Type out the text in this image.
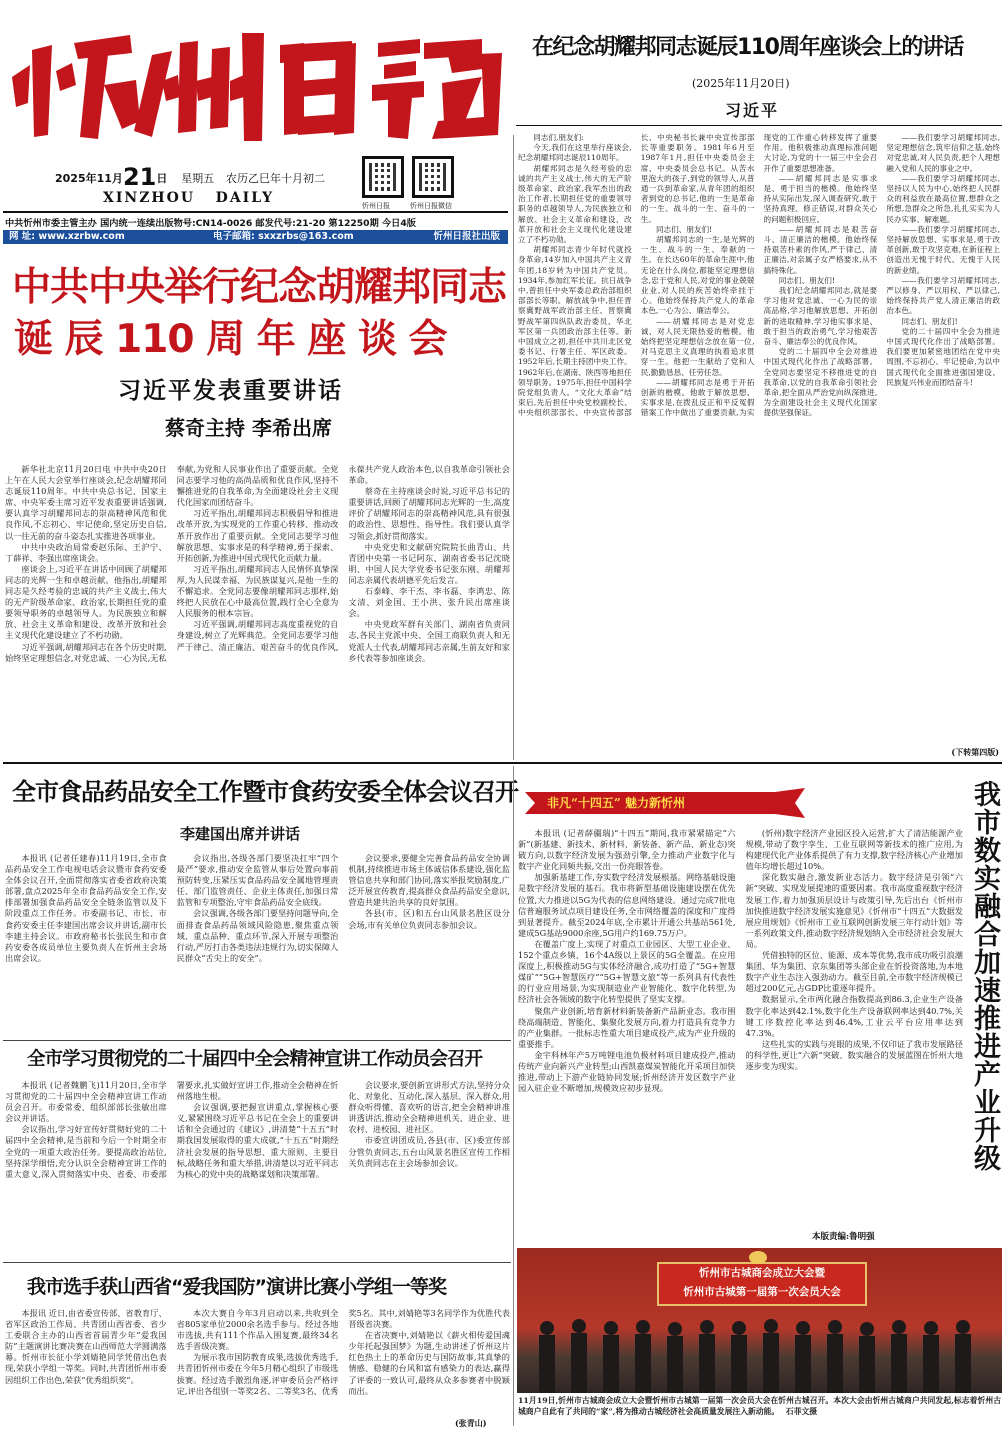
2025年11月21日 星期五 农历乙巳年十月初二
XINZHOU   DAILY	忻州日报	忻州日报微信
中共忻州市委主管主办 国内统一连续出版物号:CN14-0026 邮发代号:21-20 第12250期 今日4版
网 址: www.xzrbw.com	电子邮箱: sxxzrbs@163.com	忻州日报社出版
中共中央举行纪念胡耀邦同志
诞 辰 110 周 年 座 谈 会
习近平发表重要讲话
蔡奇主持 李希出席

新华社北京11月20日电 中共中央20日上午在人民大会堂举行座谈会,纪念胡耀邦同志诞辰110周年。中共中央总书记、国家主席、中央军委主席习近平发表重要讲话强调,要认真学习胡耀邦同志的崇高精神风范和优良作风,不忘初心、牢记使命,坚定历史自信,以一往无前的奋斗姿态扎实推进各项事业。

中共中央政治局常委赵乐际、王沪宁、丁薛祥、李强出席座谈会。

座谈会上,习近平在讲话中回顾了胡耀邦同志的光辉一生和卓越贡献。他指出,胡耀邦同志是久经考验的忠诚的共产主义战士,伟大的无产阶级革命家、政治家,长期担任党的重要领导职务的卓越领导人。为民族独立和解放、社会主义革命和建设、改革开放和社会主义现代化建设建立了不朽功勋。

习近平强调,胡耀邦同志在各个历史时期,始终坚定理想信念,对党忠诚、一心为民,无私奉献,为党和人民事业作出了重要贡献。全党同志要学习他的高尚品质和优良作风,坚持不懈推进党的自我革命,为全面建设社会主义现代化国家而团结奋斗。

习近平指出,胡耀邦同志积极倡导和推进改革开放,为实现党的工作重心转移、推动改革开放作出了重要贡献。全党同志要学习他解放思想、实事求是的科学精神,勇于探索、开拓创新,为推进中国式现代化贡献力量。

习近平指出,胡耀邦同志人民情怀真挚深厚,为人民谋幸福、为民族谋复兴,是他一生的不懈追求。全党同志要像胡耀邦同志那样,始终把人民放在心中最高位置,践行全心全意为人民服务的根本宗旨。

习近平强调,胡耀邦同志高度重视党的自身建设,树立了光辉典范。全党同志要学习他严于律己、清正廉洁、艰苦奋斗的优良作风,永葆共产党人政治本色,以自我革命引领社会革命。

蔡奇在主持座谈会时说,习近平总书记的重要讲话,回顾了胡耀邦同志光辉的一生,高度评价了胡耀邦同志的崇高精神风范,具有很强的政治性、思想性、指导性。我们要认真学习领会,抓好贯彻落实。

中央党史和文献研究院院长曲青山、共青团中央第一书记阿东、湖南省委书记沈晓明、中国人民大学党委书记张东刚、胡耀邦同志亲属代表胡德平先后发言。

石泰峰、李干杰、李书磊、李鸿忠、陈文清、刘金国、王小洪、张升民出席座谈会。

中央党政军群有关部门、湖南省负责同志,各民主党派中央、全国工商联负责人和无党派人士代表,胡耀邦同志亲属,生前友好和家乡代表等参加座谈会。

在纪念胡耀邦同志诞辰110周年座谈会上的讲话
(2025年11月20日)
习近平

同志们,朋友们:

今天,我们在这里举行座谈会,纪念胡耀邦同志诞辰110周年。

胡耀邦同志是久经考验的忠诚的共产主义战士,伟大的无产阶级革命家、政治家,我军杰出的政治工作者,长期担任党的重要领导职务的卓越领导人,为民族独立和解放、社会主义革命和建设、改革开放和社会主义现代化建设建立了不朽功勋。

胡耀邦同志青少年时代就投身革命,14岁加入中国共产主义青年团,18岁转为中国共产党员。1934年,参加红军长征。抗日战争中,曾担任中央军委总政治部组织部部长等职。解放战争中,担任晋察冀野战军政治部主任、晋察冀野战军第四纵队政治委员、华北军区第一兵团政治部主任等。新中国成立之初,担任中共川北区党委书记、行署主任、军区政委。1952年后,长期主持团中央工作。1962年后,在湖南、陕西等地担任领导职务。1975年,担任中国科学院党组负责人。“文化大革命”结束后,先后担任中央党校副校长、中央组织部部长、中央宣传部部长、中央秘书长兼中央宣传部部长等重要职务。1981年6月至1987年1月,担任中央委员会主席、中央委员会总书记。从苦水里泡大的孩子,到党的领导人,从普通一兵到革命家,从青年团的组织者到党的总书记,他的一生是革命的一生、战斗的一生、奋斗的一生。

同志们、朋友们!

胡耀邦同志的一生,是光辉的一生、战斗的一生、奉献的一生。在长达60年的革命生涯中,他无论在什么岗位,都能坚定理想信念,忠于党和人民,对党的事业兢兢业业,对人民的疾苦始终牵挂于心。他始终保持共产党人的革命本色,一心为公、廉洁奉公。

——胡耀邦同志是对党忠诚、对人民无限热爱的楷模。他始终把坚定理想信念放在第一位,对马克思主义真理的执着追求贯穿一生。他把一生献给了党和人民,勤勤恳恳、任劳任怨。

——胡耀邦同志是勇于开拓创新的楷模。他敢于解放思想、实事求是,在拨乱反正和平反冤假错案工作中做出了重要贡献,为实现党的工作重心转移发挥了重要作用。他积极推动真理标准问题大讨论,为党的十一届三中全会召开作了重要思想准备。

——胡耀邦同志是实事求是、勇于担当的楷模。他始终坚持从实际出发,深入调查研究,敢于坚持真理、修正错误,对群众关心的问题积极回应。

——胡耀邦同志是艰苦奋斗、清正廉洁的楷模。他始终保持艰苦朴素的作风,严于律己、清正廉洁,对亲属子女严格要求,从不搞特殊化。

同志们、朋友们!

我们纪念胡耀邦同志,就是要学习他对党忠诚、一心为民的崇高品格,学习他解放思想、开拓创新的进取精神,学习他实事求是、敢于担当的政治勇气,学习他艰苦奋斗、廉洁奉公的优良作风。

党的二十届四中全会对推进中国式现代化作出了战略部署。全党同志要坚定不移推进党的自我革命,以党的自我革命引领社会革命,把全面从严治党向纵深推进,为全面建设社会主义现代化国家提供坚强保证。

——我们要学习胡耀邦同志,坚定理想信念,筑牢信仰之基,始终对党忠诚,对人民负责,把个人理想融入党和人民的事业之中。

——我们要学习胡耀邦同志,坚持以人民为中心,始终把人民群众的利益放在最高位置,想群众之所想,急群众之所急,扎扎实实为人民办实事、解难题。

——我们要学习胡耀邦同志,坚持解放思想、实事求是,勇于改革创新,敢于攻坚克难,在新征程上创造出无愧于时代、无愧于人民的新业绩。

——我们要学习胡耀邦同志,严以修身、严以用权、严以律己,始终保持共产党人清正廉洁的政治本色。

同志们、朋友们!

党的二十届四中全会为推进中国式现代化作出了战略部署。我们要更加紧密地团结在党中央周围,不忘初心、牢记使命,为以中国式现代化全面推进强国建设、民族复兴伟业而团结奋斗!

(下转第四版)
全市食品药品安全工作暨市食药安委全体会议召开
李建国出席并讲话

本报讯 (记者任建春)11月19日,全市食品药品安全工作电视电话会议暨市食药安委全体会议召开,全面贯彻落实省委省政府决策部署,盘点2025年全市食品药品安全工作,安排部署加强食品药品安全全链条监管以及下阶段重点工作任务。市委副书记、市长、市食药安委主任李建国出席会议并讲话,副市长李建主持会议。市政府秘书长张民生和市食药安委各成员单位主要负责人在忻州主会场出席会议。

会议指出,各级各部门要坚决扛牢“四个最严”要求,推动安全监管从事后处置向事前预防转变,压紧压实食品药品安全属地管理责任、部门监管责任、企业主体责任,加强日常监管和专项整治,守牢食品药品安全底线。

会议强调,各级各部门要坚持问题导向,全面排查食品药品领域风险隐患,聚焦重点领域、重点品种、重点环节,深入开展专项整治行动,严厉打击各类违法违规行为,切实保障人民群众“舌尖上的安全”。

会议要求,要健全完善食品药品安全协调机制,持续推进市场主体诚信体系建设,强化监管信息共享和部门协同,落实举报奖励制度,广泛开展宣传教育,提高群众食品药品安全意识,营造共建共治共享的良好氛围。

各县(市、区)和五台山风景名胜区设分会场,市有关单位负责同志参加会议。

全市学习贯彻党的二十届四中全会精神宣讲工作动员会召开

本报讯 (记者魏鹏飞)11月20日,全市学习贯彻党的二十届四中全会精神宣讲工作动员会召开。市委常委、组织部部长张敏出席会议并讲话。

会议指出,学习好宣传好贯彻好党的二十届四中全会精神,是当前和今后一个时期全市全党的一项重大政治任务。要提高政治站位,坚持深学细悟,充分认识全会精神宣讲工作的重大意义,深入贯彻落实中央、省委、市委部署要求,扎实做好宣讲工作,推动全会精神在忻州落地生根。

会议强调,要把握宣讲重点,掌握核心要义,紧紧围绕习近平总书记在全会上的重要讲话和全会通过的《建议》,讲清楚“十五五”时期我国发展取得的重大成就,“十五五”时期经济社会发展的指导思想、重大原则、主要目标,战略任务和重大举措,讲清楚以习近平同志为核心的党中央的战略谋划和决策部署。

会议要求,要创新宣讲形式方法,坚持分众化、对象化、互动化,深入基层、深入群众,用群众听得懂、喜欢听的语言,把全会精神讲准讲透讲活,推动全会精神进机关、进企业、进农村、进校园、进社区。

市委宣讲团成员,各县(市、区)委宣传部分管负责同志,五台山风景名胜区宣传工作相关负责同志在主会场参加会议。

我市选手获山西省“爱我国防”演讲比赛小学组一等奖

本报讯 近日,由省委宣传部、省教育厅、省军区政治工作局、共青团山西省委、省少工委联合主办的山西省首届青少年“爱我国防”主题演讲比赛决赛在山西师范大学圆满落幕。忻州市长征小学刘婧艳同学凭借出色表现,荣获小学组一等奖。同时,共青团忻州市委因组织工作出色,荣获“优秀组织奖”。

本次大赛自今年3月启动以来,共收到全省805家单位2000余名选手参与。经过各地市选拔,共有111个作品入围复赛,最终34名选手晋级决赛。

为展示我市国防教育成果,选拔优秀选手,共青团忻州市委在今年5月精心组织了市级选拔赛。经过选手激烈角逐,评审委员会严格评定,评出各组别一等奖2名、二等奖3名、优秀奖5名。其中,刘婧艳等3名同学作为优胜代表晋级省决赛。

在省决赛中,刘婧艳以《薪火相传爱国魂 少年托起强国梦》为题,生动讲述了忻州这片红色热土上的革命历史与国防故事,其真挚的情感、稳健的台风和富有感染力的表达,赢得了评委的一致认可,最终从众多参赛者中脱颖而出。

(张青山)
非凡“十四五” 魅力新忻州	我市数实融合加速推进产业升级

本报讯 (记者薛疆瑞)“十四五”期间,我市紧紧锚定“六新”(新基建、新技术、新材料、新装备、新产品、新业态)突破方向,以数字经济发展为强劲引擎,全力推动产业数字化与数字产业化同频共振,交出一份亮眼答卷。

加强新基建工作,夯实数字经济发展根基。网络基础设施是数字经济发展的基石。我市将新型基础设施建设摆在优先位置,大力推进以5G为代表的信息网络建设。通过完成7批电信普遍服务试点项目建设任务,全市网络覆盖的深度和广度得到显著提升。截至2024年底,全市累计开通公共基站561处,建成5G基站9000余座,5G用户约169.75万户。

在覆盖广度上,实现了对重点工业园区、大型工业企业、152个重点乡镇、16个4A级以上景区的5G全覆盖。在应用深度上,积极推动5G与实体经济融合,成功打造了“5G+智慧煤矿”“5G+智慧医疗”“5G+智慧文旅”等一系列具有代表性的行业应用场景,为实现制造业产业智能化、数字化转型,为经济社会各领域的数字化转型提供了坚实支撑。

聚焦产业创新,培育新材料新装备新产品新业态。我市围绕高端制造、智能化、集聚化发展方向,着力打造具有竞争力的产业集群。一批标志性重大项目建成投产,成为产业升级的重要推手。

金宇科林年产5万吨锂电池负极材料项目建成投产,推动传统产业向新兴产业转型;山西凯嘉煤炭智能化开采项目加快推进,带动上下游产业链协同发展;忻州经济开发区数字产业园入驻企业不断增加,规模效应初步显现。

(忻州)数字经济产业园区投入运营,扩大了清洁能源产业规模,带动了数字孪生、工业互联网等新技术的推广应用,为构建现代化产业体系提供了有力支撑,数字经济核心产业增加值年均增长超过10%。

深化数实融合,激发新业态活力。数字经济是引领“六新”突破、实现发展提速的重要因素。我市高度重视数字经济发展工作,着力加强顶层设计与政策引导,先后出台《忻州市加快推进数字经济发展实施意见》《忻州市“十四五”大数据发展应用规划》《忻州市工业互联网创新发展三年行动计划》等一系列政策文件,推动数字经济规划纳入全市经济社会发展大局。

凭借独特的区位、能源、成本等优势,我市成功吸引浪潮集团、华为集团、京东集团等头部企业在忻投资落地,为本地数字产业生态注入强劲动力。截至目前,全市数字经济规模已超过200亿元,占GDP比重逐年提升。

数据显示,全市两化融合指数提高到86.3,企业生产设备数字化率达到42.1%,数字化生产设备联网率达到40.7%,关键工序数控化率达到46.4%,工业云平台应用率达到47.3%。

这些扎实的实践与亮眼的成果,不仅印证了我市发展路径的科学性,更让“六新”突破、数实融合的发展蓝图在忻州大地逐步变为现实。

本版责编:鲁明强
忻州市古城商会成立大会暨
忻州市古城第一届第一次会员大会
11月19日,忻州市古城商会成立大会暨忻州市古城第一届第一次会员大会在忻州古城召开。本次大会由忻州古城商户共同发起,标志着忻州古城商户自此有了共同的“家”,将为推动古城经济社会高质量发展注入新动能。 石菲文摄
